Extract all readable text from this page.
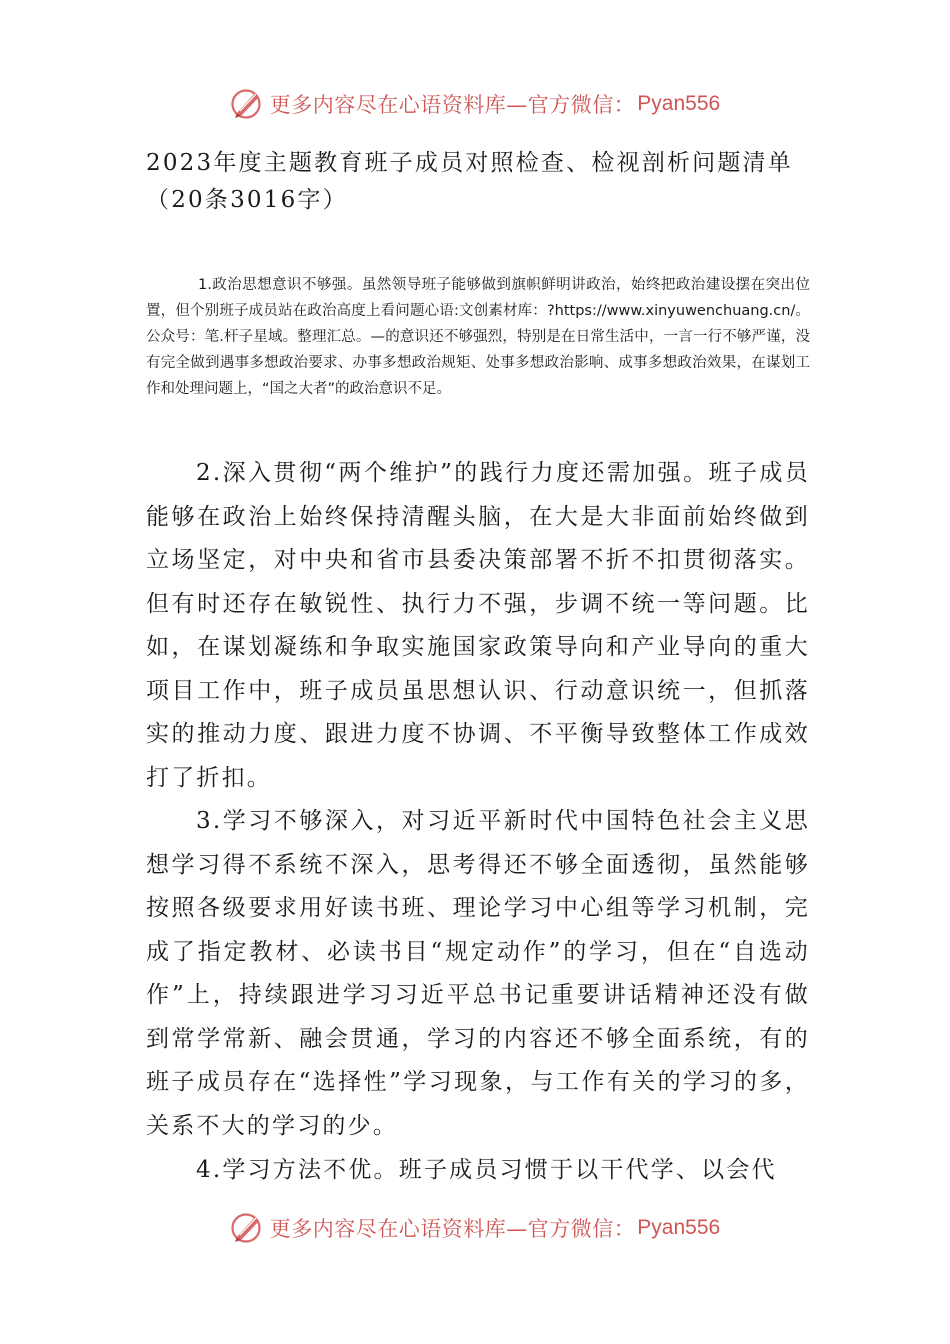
更多内容尽在心语资料库—官方微信： Pyan556
2023年度主题教育班子成员对照检查、检视剖析问题清单（20条3016字）

1.政治思想意识不够强。虽然领导班子能够做到旗帜鲜明讲政治，始终把政治建设摆在突出位置，但个别班子成员站在政治高度上看问题心语:文创素材库：?https://www.xinyuwenchuang.cn/。公众号：笔.杆子星域。整理汇总。—的意识还不够强烈，特别是在日常生活中，一言一行不够严谨，没有完全做到遇事多想政治要求、办事多想政治规矩、处事多想政治影响、成事多想政治效果，在谋划工作和处理问题上，“国之大者”的政治意识不足。

2.深入贯彻“两个维护”的践行力度还需加强。班子成员能够在政治上始终保持清醒头脑，在大是大非面前始终做到立场坚定，对中央和省市县委决策部署不折不扣贯彻落实。但有时还存在敏锐性、执行力不强，步调不统一等问题。比如，在谋划凝练和争取实施国家政策导向和产业导向的重大项目工作中，班子成员虽思想认识、行动意识统一，但抓落实的推动力度、跟进力度不协调、不平衡导致整体工作成效打了折扣。

3.学习不够深入，对习近平新时代中国特色社会主义思想学习得不系统不深入，思考得还不够全面透彻，虽然能够按照各级要求用好读书班、理论学习中心组等学习机制，完成了指定教材、必读书目“规定动作”的学习，但在“自选动作”上，持续跟进学习习近平总书记重要讲话精神还没有做到常学常新、融会贯通，学习的内容还不够全面系统，有的班子成员存在“选择性”学习现象，与工作有关的学习的多，关系不大的学习的少。

4.学习方法不优。班子成员习惯于以干代学、以会代

更多内容尽在心语资料库—官方微信： Pyan556
